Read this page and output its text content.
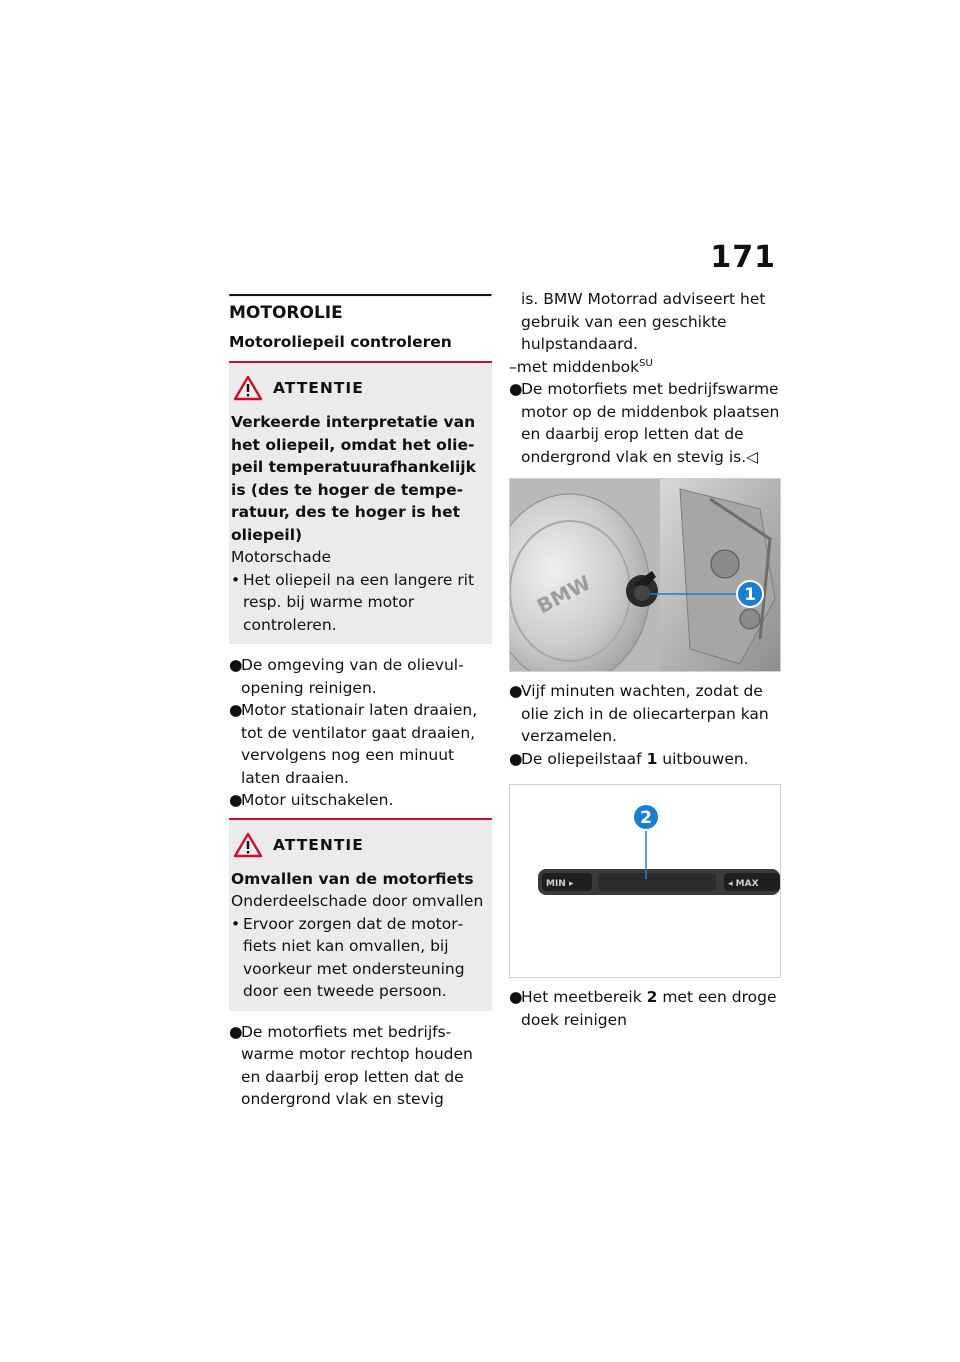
171
MOTOROLIE
Motoroliepeil controleren
ATTENTIE

Verkeerde interpretatie van het oliepeil, omdat het oliepeil temperatuurafhankelijk is (des te hoger de temperatuur, des te hoger is het oliepeil)

Motorschade

• Het oliepeil na een langere rit resp. bij warme motor controleren.
●De omgeving van de olievulopening reinigen.
●Motor stationair laten draaien, tot de ventilator gaat draaien, vervolgens nog een minuut laten draaien.
●Motor uitschakelen.
ATTENTIE

Omvallen van de motorfiets

Onderdeelschade door omvallen

• Ervoor zorgen dat de motorfiets niet kan omvallen, bij voorkeur met ondersteuning door een tweede persoon.
●De motorfiets met bedrijfswarme motor rechtop houden en daarbij erop letten dat de ondergrond vlak en stevig

is. BMW Motorrad adviseert het gebruik van een geschikte hulpstandaard.

–met middenbok$^{SU}$
●De motorfiets met bedrijfswarme motor op de middenbok plaatsen en daarbij erop letten dat de ondergrond vlak en stevig is.◁
BMW	1
●Vijf minuten wachten, zodat de olie zich in de oliecarterpan kan verzamelen.
●De oliepeilstaaf 1 uitbouwen.
MIN ▸	◂ MAX
2
●Het meetbereik 2 met een droge doek reinigen
